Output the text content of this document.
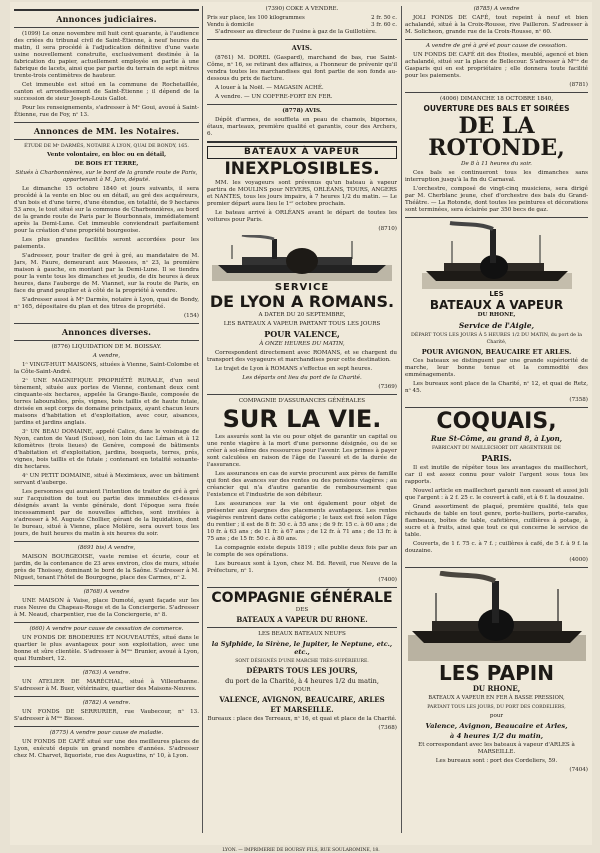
Annonces judiciaires.

(1099) Le onze novembre mil huit cent quarante, à l'audience des criées du tribunal civil de Saint-Étienne, à neuf heures du matin, il sera procédé à l'adjudication définitive d'une vaste usine nouvellement construite, exclusivement destinée à la fabrication du papier, actuellement employée en partie à une fabrique de lacets, ainsi que par partie du terrain de sept mètres trente-trois centimètres de hauteur.

Cet immeuble est situé en la commune de Rochetaillée, canton et arrondissement de Saint-Étienne ; il dépend de la succession de sieur Joseph-Louis Gallot.

Pour les renseignements, s'adresser à Mᵉ Goui, avoué à Saint-Étienne, rue de Foy, nᵒ 13.

Annonces de MM. les Notaires.

ÉTUDE DE Mᵉ DARMÈS, NOTAIRE À LYON, QUAI DE BONDY, 165.

Vente volontaire, en bloc ou en détail,

DE BOIS ET TERRE,

Situés à Charbonnières, sur le bord de la grande route de Paris, appartenant à M. Jars, député.

Le dimanche 15 octobre 1840 et jours suivants, il sera procédé à la vente en bloc ou en détail, au gré des acquéreurs, d'un bois et d'une terre, d'une étendue, en totalité, de 9 hectares 53 ares, le tout situé sur la commune de Charbonnières, au bord de la grande route de Paris par le Bourbonnais, immédiatement après la Demi-Lune. Cet immeuble conviendrait parfaitement pour la création d'une propriété bourgeoise.

Les plus grandes facilités seront accordées pour les paiements.

S'adresser, pour traiter de gré à gré, au mandataire de M. Jars, M. Faure, demeurant aux Massues, nᵒ 23, la première maison à gauche, en montant par la Demi-Lune. Il se tiendra pour la vente tous les dimanches et jeudis, de dix heures à deux heures, dans l'auberge de M. Viannet, sur la route de Paris, en face du grand peuplier et à côté de la propriété à vendre.

S'adresser aussi à Mᵉ Darmès, notaire à Lyon, quai de Bondy, nᵒ 165, dépositaire du plan et des titres de propriété.

(154)

Annonces diverses.

(8776) LIQUIDATION DE M. BOISSAY.

A vendre,

1ᵒ VINGT-HUIT MAISONS, situées à Vienne, Saint-Colombe et la Côte-Saint-André.

2ᵒ UNE MAGNIFIQUE PROPRIÉTÉ RURALE, d'un seul tènement, située aux portes de Vienne, contenant deux cent cinquante-six hectares, appelée la Grange-Baule, composée de terres labourables, prés, vignes, bois taillis et de haute futaie, divisée en sept corps de domaine principaux, ayant chacun leurs maisons d'habitation et d'exploitation, avec cour, aisances, jardins et jardins anglais.

3ᵒ UN BEAU DOMAINE, appelé Calice, dans le voisinage de Nyon, canton de Vaud (Suisse), non loin du lac Léman et à 12 kilomètres (trois lieues) de Genève, composé de bâtiments d'habitation et d'exploitation, jardins, bosquets, terres, prés, vignes, bois taillis et de futaie ; contenant en totalité soixante-dix hectares.

4ᵒ UN PETIT DOMAINE, situé à Meximieux, avec un bâtiment servant d'auberge.

Les personnes qui auraient l'intention de traiter de gré à gré sur l'acquisition de tout ou partie des immeubles ci-dessus désignés avant la vente générale, dont l'époque sera fixée incessamment par de nouvelles affiches, sont invitées à s'adresser à M. Auguste Chollier, gérant de la liquidation, dont le bureau, situé à Vienne, place Molière, sera ouvert tous les jours, de huit heures du matin à six heures du soir.

(8691 bis) A vendre,

MAISON BOURGEOISE, vaste remise et écurie, cour et jardin, de la contenance de 23 ares environ, clos de murs, située près de Thoissey, dominant le bord de la Saône. S'adresser à M. Niguet, tenant l'hôtel de Bourgogne, place des Carmes, nᵒ 2.

(8768) A vendre

UNE MAISON à Vaise, place Dumoté, ayant façade sur les rues Neuve du Chapeau-Rouge et de la Conciergerie. S'adresser à M. Neaud, charpentier, rue de la Conciergerie, nᵒ 8.

(660) A vendre pour cause de cessation de commerce.

UN FONDS DE BRODERIES ET NOUVEAUTÉS, situé dans le quartier le plus avantageux pour son exploitation, avec une bonne et sûre clientèle. S'adresser à Mᵐᵉ Brunier, avoué à Lyon, quai Humbert, 12.

(8763) A vendre.

UN ATELIER DE MARÉCHAL, situé à Villeurbanne. S'adresser à M. Buer, vétérinaire, quartier des Maisons-Neuves.

(8782) A vendre.

UN FONDS DE SERRURIER, rue Vaubecour, nᵒ 13. S'adresser à Mᵐᵉ Biesse.

(8775) A vendre pour cause de maladie.

UN FONDS DE CAFÉ situé sur une des meilleures places de Lyon, exécuté depuis un grand nombre d'années. S'adresser chez M. Charvet, liquoriste, rue des Augustins, nᵒ 10, à Lyon.

(7390) COKE A VENDRE.

Pris sur place, les 100 kilogrammes	2 fr. 50 c.
Vendu à domicile	3 fr. 60 c.

S'adresser au directeur de l'usine à gaz de la Guillotière.

AVIS.

(8761) M. DOREL (Gaspard), marchand de bas, rue Saint-Côme, nᵒ 16, se retirant des affaires, a l'honneur de prévenir qu'il vendra toutes les marchandises qui font partie de son fonds au-dessous du prix de facture.

A louer à la Noël. — MAGASIN ACHÉ.

A vendre. — UN COFFRE-FORT EN FER.

(8778) AVIS.

Dépôt d'armes, de souffleta en peau de chamois, bigornes, étaux, marteaux, première qualité et garantis, cour des Archers, 6.

BATEAUX À VAPEUR
INEXPLOSIBLES.

MM. les voyageurs sont prévenus qu'un bateau à vapeur partira de MOULINS pour NEVERS, ORLÉANS, TOURS, ANGERS et NANTES, tous les jours impairs, à 7 heures 1/2 du matin. — Le premier départ aura lieu le 1ᵉʳ octobre prochain.

Le bateau arrivé à ORLÉANS avant le départ de toutes les voitures pour Paris.

(8710)

SERVICE
DE LYON A ROMANS.

A DATER DU 20 SEPTEMBRE,

LES BATEAUX A VAPEUR PARTANT TOUS LES JOURS

POUR VALENCE,

À ONZE HEURES DU MATIN,

Correspondent directement avec ROMANS, et se chargent du transport des voyageurs et marchandises pour cette destination.

Le trajet de Lyon à ROMANS s'effectue en sept heures.

Les départs ont lieu du port de la Charité.

(7369)

COMPAGNIE D'ASSURANCES GÉNÉRALES

SUR LA VIE.

Les assurés sont la vie ou pour objet de garantir un capital ou une rente viagère à la mort d'une personne désignée, ou de se créer à soi-même des ressources pour l'avenir. Les primes à payer sont calculées en raison de l'âge de l'assuré et de la durée de l'assurance.

Les assurances en cas de survie procurent aux pères de famille qui font des avances sur des rentes ou des pensions viagères ; au créancier qui n'a d'autre garantie de remboursement que l'existence et l'industrie de son débiteur.

Les assurances sur la vie ont également pour objet de présenter aux épargnes des placements avantageux. Les rentes viagères rentrent dans cette catégorie ; le taux est fixé selon l'âge du rentier ; il est de 8 fr. 30 c. à 55 ans ; de 9 fr. 15 c. à 60 ans ; de 10 fr. à 63 ans ; de 11 fr. à 67 ans ; de 12 fr. à 71 ans ; de 13 fr. à 75 ans ; de 15 fr. 50 c. à 80 ans.

La compagnie existe depuis 1819 ; elle publie deux fois par an le compte de ses opérations.

Les bureaux sont à Lyon, chez M. Ed. Reveil, rue Neuve de la Préfecture, nᵒ 1.

(7400)

COMPAGNIE GÉNÉRALE

DES

BATEAUX A VAPEUR DU RHONE.

LES BEAUX BATEAUX NEUFS

la Sylphide, la Sirène, le Jupiter, le Neptune, etc., etc.,

SONT DÉSIGNÉS D'UNE MARCHE TRÈS-SUPÉRIEURE.

DÉPARTS TOUS LES JOURS,

du port de la Charité, à 4 heures 1/2 du matin,

POUR

VALENCE, AVIGNON, BEAUCAIRE, ARLES

ET MARSEILLE.

Bureaux : place des Terreaux, nᵒ 16, et quai et place de la Charité.

(7368)

(8785) A vendre

JOLI FONDS DE CAFÉ, tout repeint à neuf et bien achalandé, situé à la Croix-Rousse, rive Pailleron. S'adresser à M. Solicheon, grande rue de la Croix-Rousse, nᵒ 60.

A vendre de gré à gré et pour cause de cessation.

UN FONDS DE CAFÉ dit des Étoiles, meublé, agencé et bien achalandé, situé sur la place de Bellecour. S'adresser à Mᵐᵉ de Gasparis qui en est propriétaire ; elle donnera toute facilité pour les paiements.

(8781)

(4006) DIMANCHE 18 OCTOBRE 1840,

OUVERTURE DES BALS ET SOIRÉES
DE LA ROTONDE,

De 8 à 11 heures du soir.

Ces bals se continueront tous les dimanches sans interruption jusqu'à la fin du Carnaval.

L'orchestre, composé de vingt-cinq musiciens, sera dirigé par M. Cherblanc jeune, chef d'orchestre des bals du Grand-Théâtre. — La Rotonde, dont toutes les peintures et décorations sont terminées, sera éclairée par 350 becs de gaz.

LES
BATEAUX A VAPEUR

DU RHONE,

Service de l'Aigle,

DÉPART TOUS LES JOURS À 5 HEURES 1/2 DU MATIN, du port de la Charité,

POUR AVIGNON, BEAUCAIRE ET ARLES.

Ces bateaux se distinguent par une grande supériorité de marche, leur bonne tenue et la commodité des emménagements.

Les bureaux sont place de la Charité, nᵒ 12, et quai de Retz, nᵒ 45.

(7358)

COQUAIS,

Rue St-Côme, au grand 8, à Lyon,

FABRICANT DU MAILLECHORT DIT ARGENTERIE DE

PARIS.

Il est inutile de répéter tous les avantages du maillechort, car il est assez connu pour valoir l'argent sous tous les rapports.

Nouvel article en maillechort garanti non cassant et aussi joli que l'argent : à 2 f. 25 c. le couvert à café, et à 6 f. la douzaine.

Grand assortiment de plaqué, première qualité, tels que réchauds de table en tout genre, porte-huiliers, porte-carafes, flambeaux, boîtes de table, cafetières, cuillières à potage, à sucre et à fruits, ainsi que tout ce qui concerne le service de table.

Couverts, de 1 f. 75 c. à 7 f. ; cuillères à café, de 5 f. à 9 f. la douzaine.

(4000)

LES PAPIN

DU RHONE,

BATEAUX A VAPEUR EN FER À BASSE PRESSION,

PARTANT TOUS LES JOURS, DU PORT DES CORDELIERS,

pour

Valence, Avignon, Beaucaire et Arles,

à 4 heures 1/2 du matin,

Et correspondant avec les bateaux à vapeur d'ARLES à MARSEILLE.

Les bureaux sont : port des Cordeliers, 59.

(7404)

LYON. — IMPRIMERIE DE BOURSY FILS, RUE SOULAROMINE, 18.
